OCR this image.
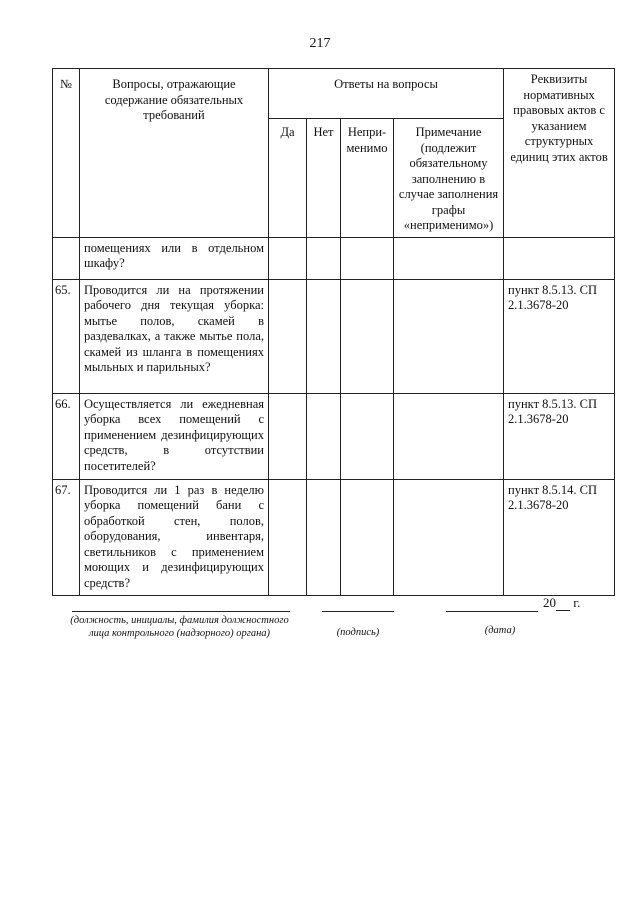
217
№	Вопросы, отражающие содержание обязательных требований	Ответы на вопросы				Реквизиты нормативных правовых актов с указанием структурных единиц этих актов
		Да	Нет	Непри-менимо	Примечание (подлежит обязательному заполнению в случае заполнения графы «неприменимо»)	
	помещениях или в отдельном шкафу?					
65.	Проводится ли на протяжении рабочего дня текущая уборка: мытье полов, скамей в раздевалках, а также мытье пола, скамей из шланга в помещениях мыльных и парильных?					пункт 8.5.13. СП 2.1.3678-20
66.	Осуществляется ли ежедневная уборка всех помещений с применением дезинфицирующих средств, в отсутствии посетителей?					пункт 8.5.13. СП 2.1.3678-20
67.	Проводится ли 1 раз в неделю уборка помещений бани с обработкой стен, полов, оборудования, инвентаря, светильников с применением моющих и дезинфицирующих средств?					пункт 8.5.14. СП 2.1.3678-20
(должность, инициалы, фамилия должностного лица контрольного (надзорного) органа)	(подпись)
20 г.
(дата)
